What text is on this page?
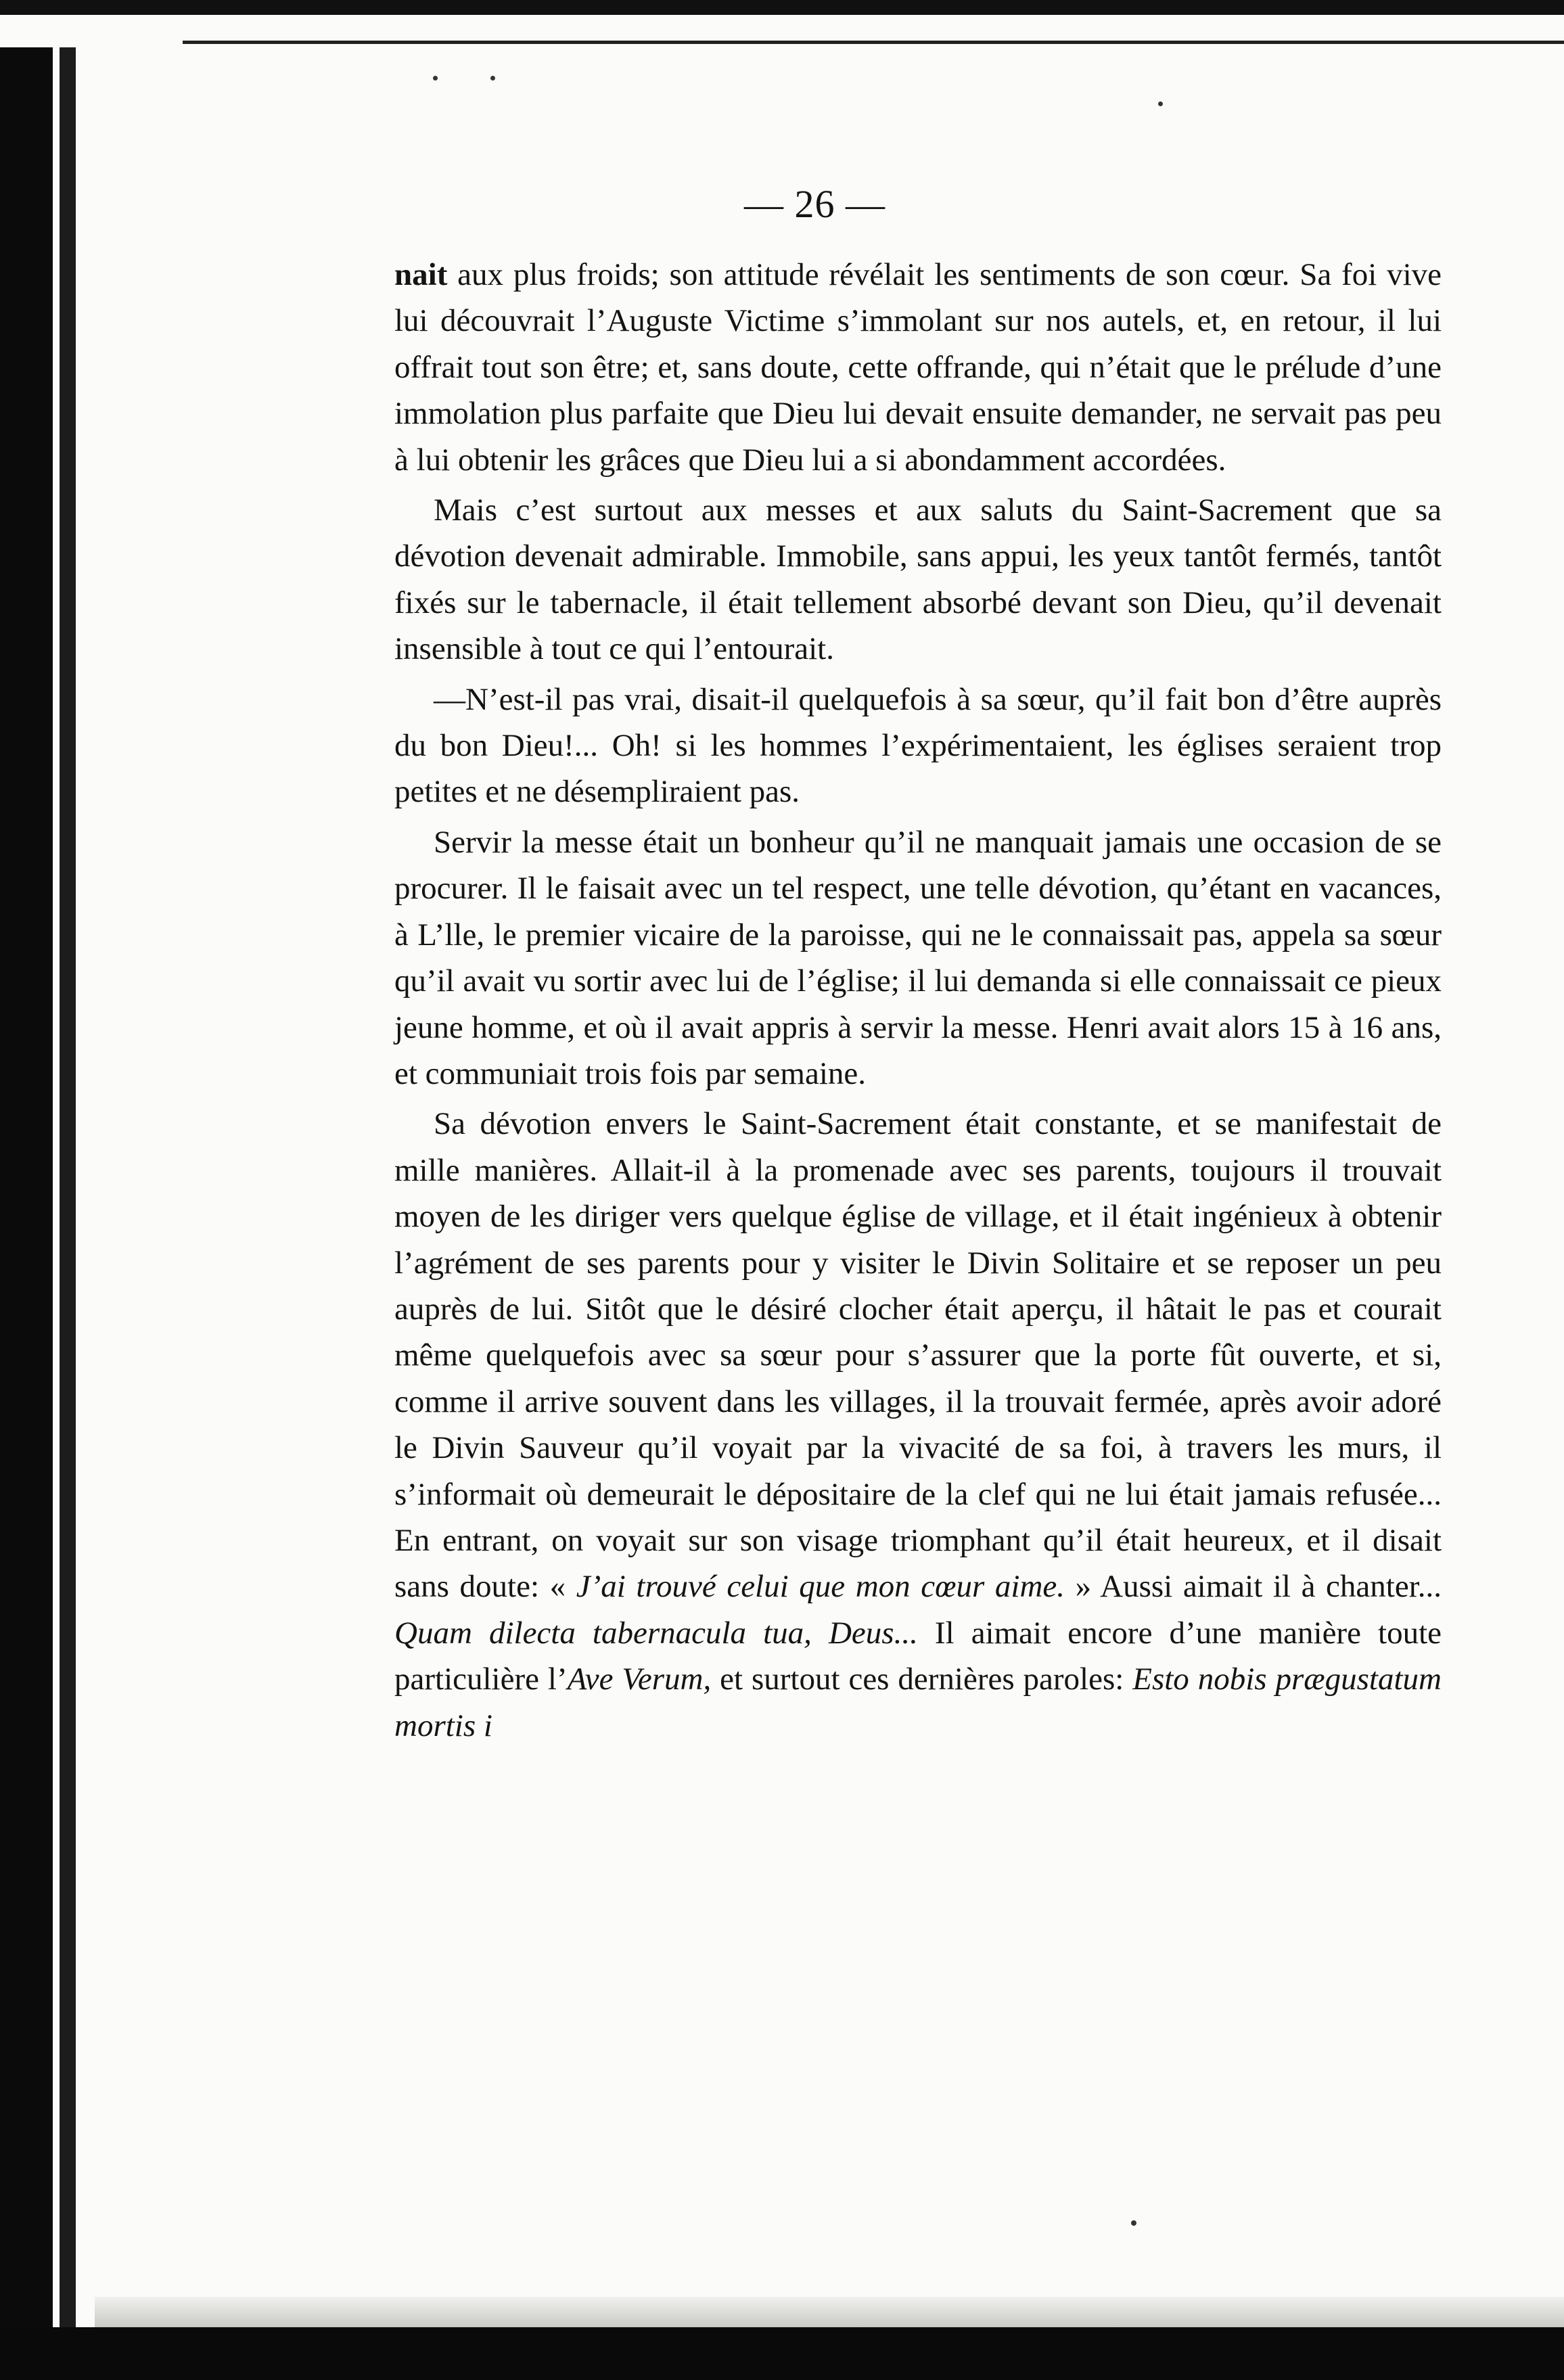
— 26 —

nait aux plus froids; son attitude révélait les sentiments de son cœur. Sa foi vive lui découvrait l’Auguste Victime s’immolant sur nos autels, et, en retour, il lui offrait tout son être; et, sans doute, cette offrande, qui n’était que le prélude d’une immolation plus parfaite que Dieu lui devait ensuite demander, ne servait pas peu à lui obtenir les grâces que Dieu lui a si abondamment accordées.

Mais c’est surtout aux messes et aux saluts du Saint-Sacrement que sa dévotion devenait admirable. Immobile, sans appui, les yeux tantôt fermés, tantôt fixés sur le tabernacle, il était tellement absorbé devant son Dieu, qu’il devenait insensible à tout ce qui l’entourait.

—N’est-il pas vrai, disait-il quelquefois à sa sœur, qu’il fait bon d’être auprès du bon Dieu!... Oh! si les hommes l’expérimentaient, les églises seraient trop petites et ne désempliraient pas.

Servir la messe était un bonheur qu’il ne manquait jamais une occasion de se procurer. Il le faisait avec un tel respect, une telle dévotion, qu’étant en vacances, à L’lle, le premier vicaire de la paroisse, qui ne le connaissait pas, appela sa sœur qu’il avait vu sortir avec lui de l’église; il lui demanda si elle connaissait ce pieux jeune homme, et où il avait appris à servir la messe. Henri avait alors 15 à 16 ans, et communiait trois fois par semaine.

Sa dévotion envers le Saint-Sacrement était constante, et se manifestait de mille manières. Allait-il à la promenade avec ses parents, toujours il trouvait moyen de les diriger vers quelque église de village, et il était ingénieux à obtenir l’agrément de ses parents pour y visiter le Divin Solitaire et se reposer un peu auprès de lui. Sitôt que le désiré clocher était aperçu, il hâtait le pas et courait même quelquefois avec sa sœur pour s’assurer que la porte fût ouverte, et si, comme il arrive souvent dans les villages, il la trouvait fermée, après avoir adoré le Divin Sauveur qu’il voyait par la vivacité de sa foi, à travers les murs, il s’informait où demeurait le dépositaire de la clef qui ne lui était jamais refusée... En entrant, on voyait sur son visage triomphant qu’il était heureux, et il disait sans doute: « J’ai trouvé celui que mon cœur aime. » Aussi aimait il à chanter... Quam dilecta tabernacula tua, Deus... Il aimait encore d’une manière toute particulière l’Ave Verum, et surtout ces dernières paroles: Esto nobis prægustatum mortis i
